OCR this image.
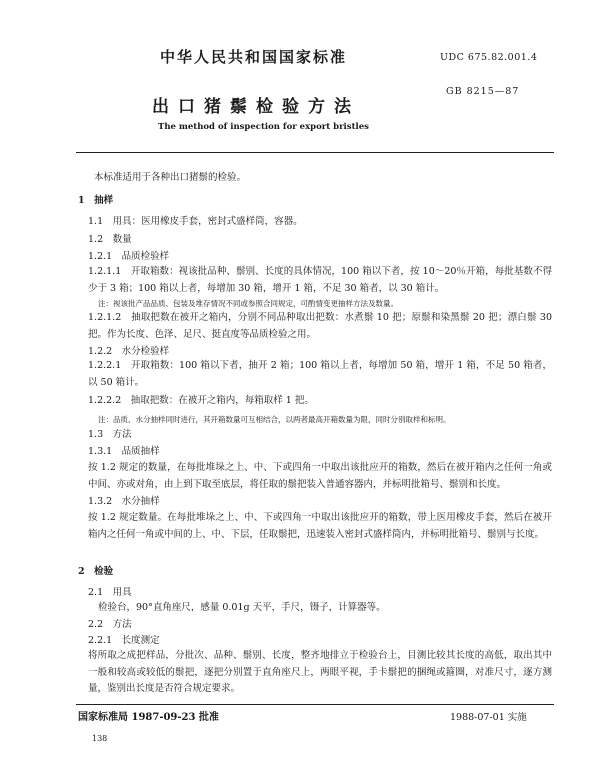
中华人民共和国国家标准	UDC 675.82.001.4
出口猪鬃检验方法
GB 8215—87
The method of inspection for export bristles
本标准适用于各种出口猪鬃的检验。
1　抽样
1.1　用具：医用橡皮手套，密封式盛样筒，容器。
1.2　数量
1.2.1　品质检验样
1.2.1.1　开取箱数：视该批品种、鬃别、长度的具体情况，100 箱以下者，按 10～20％开箱，每批基数不得少于 3 箱；100 箱以上者，每增加 30 箱，增开 1 箱，不足 30 箱者，以 30 箱计。
注：视该批产品品质、包装及堆存情况不同或参照合同规定，可酌情变更抽样方法及数量。
1.2.1.2　抽取把数在被开之箱内，分别不同品种取出把数：水煮鬃 10 把；原鬃和染黑鬃 20 把；漂白鬃 30 把。作为长度、色泽、足尺、挺直度等品质检验之用。
1.2.2　水分检验样
1.2.2.1　开取箱数：100 箱以下者，抽开 2 箱；100 箱以上者，每增加 50 箱，增开 1 箱，不足 50 箱者，以 50 箱计。
1.2.2.2　抽取把数：在被开之箱内，每箱取样 1 把。
注：品质、水分抽样同时进行，其开箱数量可互相结合，以两者最高开箱数量为限，同时分别取样和标明。
1.3　方法
1.3.1　品质抽样
按 1.2 规定的数量，在每批堆垛之上、中、下或四角一中取出该批应开的箱数，然后在被开箱内之任何一角或中间、亦或对角，由上到下取至底层，将任取的鬃把装入普通容器内，并标明批箱号、鬃别和长度。
1.3.2　水分抽样
按 1.2 规定数量。在每批堆垛之上、中、下或四角一中取出该批应开的箱数，带上医用橡皮手套，然后在被开箱内之任何一角或中间的上、中、下层，任取鬃把，迅速装入密封式盛样筒内，并标明批箱号、鬃别与长度。
2　检验
2.1　用具
检验台，90°直角座尺，感量 0.01g 天平，手尺，镊子，计算器等。
2.2　方法
2.2.1　长度测定
将所取之成把样品，分批次、品种、鬃别、长度，整齐地排立于检验台上，目测比较其长度的高低，取出其中一般和较高或较低的鬃把，逐把分别置于直角座尺上，两眼平视，手卡鬃把的捆绳或箍圈，对准尺寸，逐方测量，鉴别出长度是否符合规定要求。
国家标准局 1987-09-23 批准	1988-07-01 实施
138
